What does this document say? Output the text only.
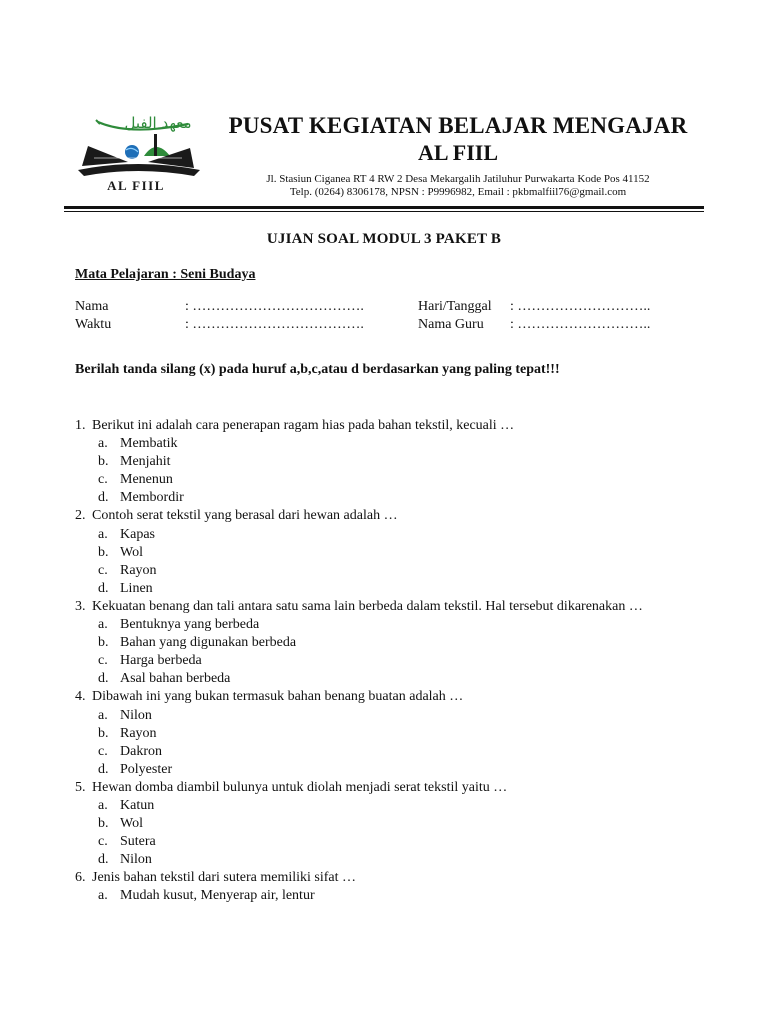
معهد الفيل
AL FIIL
PUSAT KEGIATAN BELAJAR MENGAJAR
AL FIIL
Jl. Stasiun Ciganea RT 4 RW 2 Desa Mekargalih Jatiluhur Purwakarta Kode Pos 41152
Telp. (0264) 8306178, NPSN : P9996982, Email : pkbmalfiil76@gmail.com
UJIAN SOAL MODUL 3 PAKET B
Mata Pelajaran : Seni Budaya
Nama	: ……………………………….
Waktu	: ……………………………….
Hari/Tanggal : ………………………..
Nama Guru : ………………………..
Berilah tanda silang (x) pada huruf a,b,c,atau d berdasarkan yang paling tepat!!!
1. Berikut ini adalah cara penerapan ragam hias pada bahan tekstil, kecuali …
a. Membatik
b. Menjahit
c. Menenun
d. Membordir
2. Contoh serat tekstil yang berasal dari hewan adalah …
a. Kapas
b. Wol
c. Rayon
d. Linen
3. Kekuatan benang dan tali antara satu sama lain berbeda dalam tekstil. Hal tersebut dikarenakan …
a. Bentuknya yang berbeda
b. Bahan yang digunakan berbeda
c. Harga berbeda
d. Asal bahan berbeda
4. Dibawah ini yang bukan termasuk bahan benang buatan adalah …
a. Nilon
b. Rayon
c. Dakron
d. Polyester
5. Hewan domba diambil bulunya untuk diolah menjadi serat tekstil yaitu …
a. Katun
b. Wol
c. Sutera
d. Nilon
6. Jenis bahan tekstil dari sutera memiliki sifat …
a. Mudah kusut, Menyerap air, lentur
